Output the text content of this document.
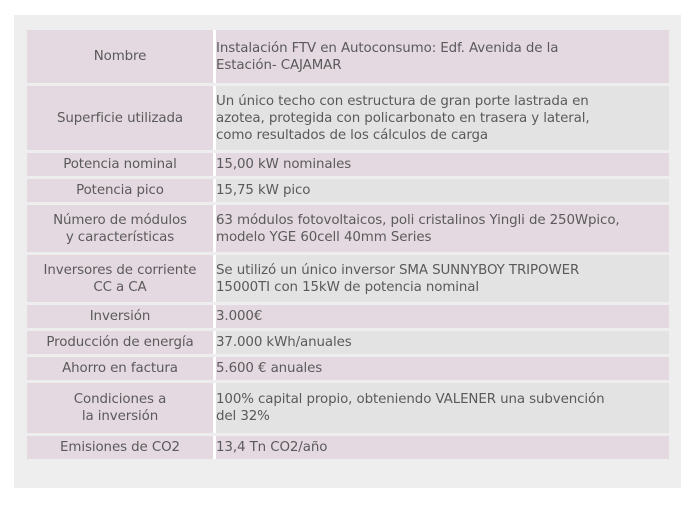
Nombre		Instalación FTV en Autoconsumo: Edf. Avenida de la
Estación- CAJAMAR

Superficie utilizada		Un único techo con estructura de gran porte lastrada en
azotea, protegida con policarbonato en trasera y lateral,
como resultados de los cálculos de carga

Potencia nominal		15,00 kW nominales

Potencia pico		15,75 kW pico

Número de módulos
y características		63 módulos fotovoltaicos, poli cristalinos Yingli de 250Wpico,
modelo YGE 60cell 40mm Series

Inversores de corriente
CC a CA		Se utilizó un único inversor SMA SUNNYBOY TRIPOWER
15000TI con 15kW de potencia nominal

Inversión		3.000€

Producción de energía		37.000 kWh/anuales

Ahorro en factura		5.600 € anuales

Condiciones a
la inversión		100% capital propio, obteniendo VALENER una subvención
del 32%

Emisiones de CO2		13,4 Tn CO2/año
